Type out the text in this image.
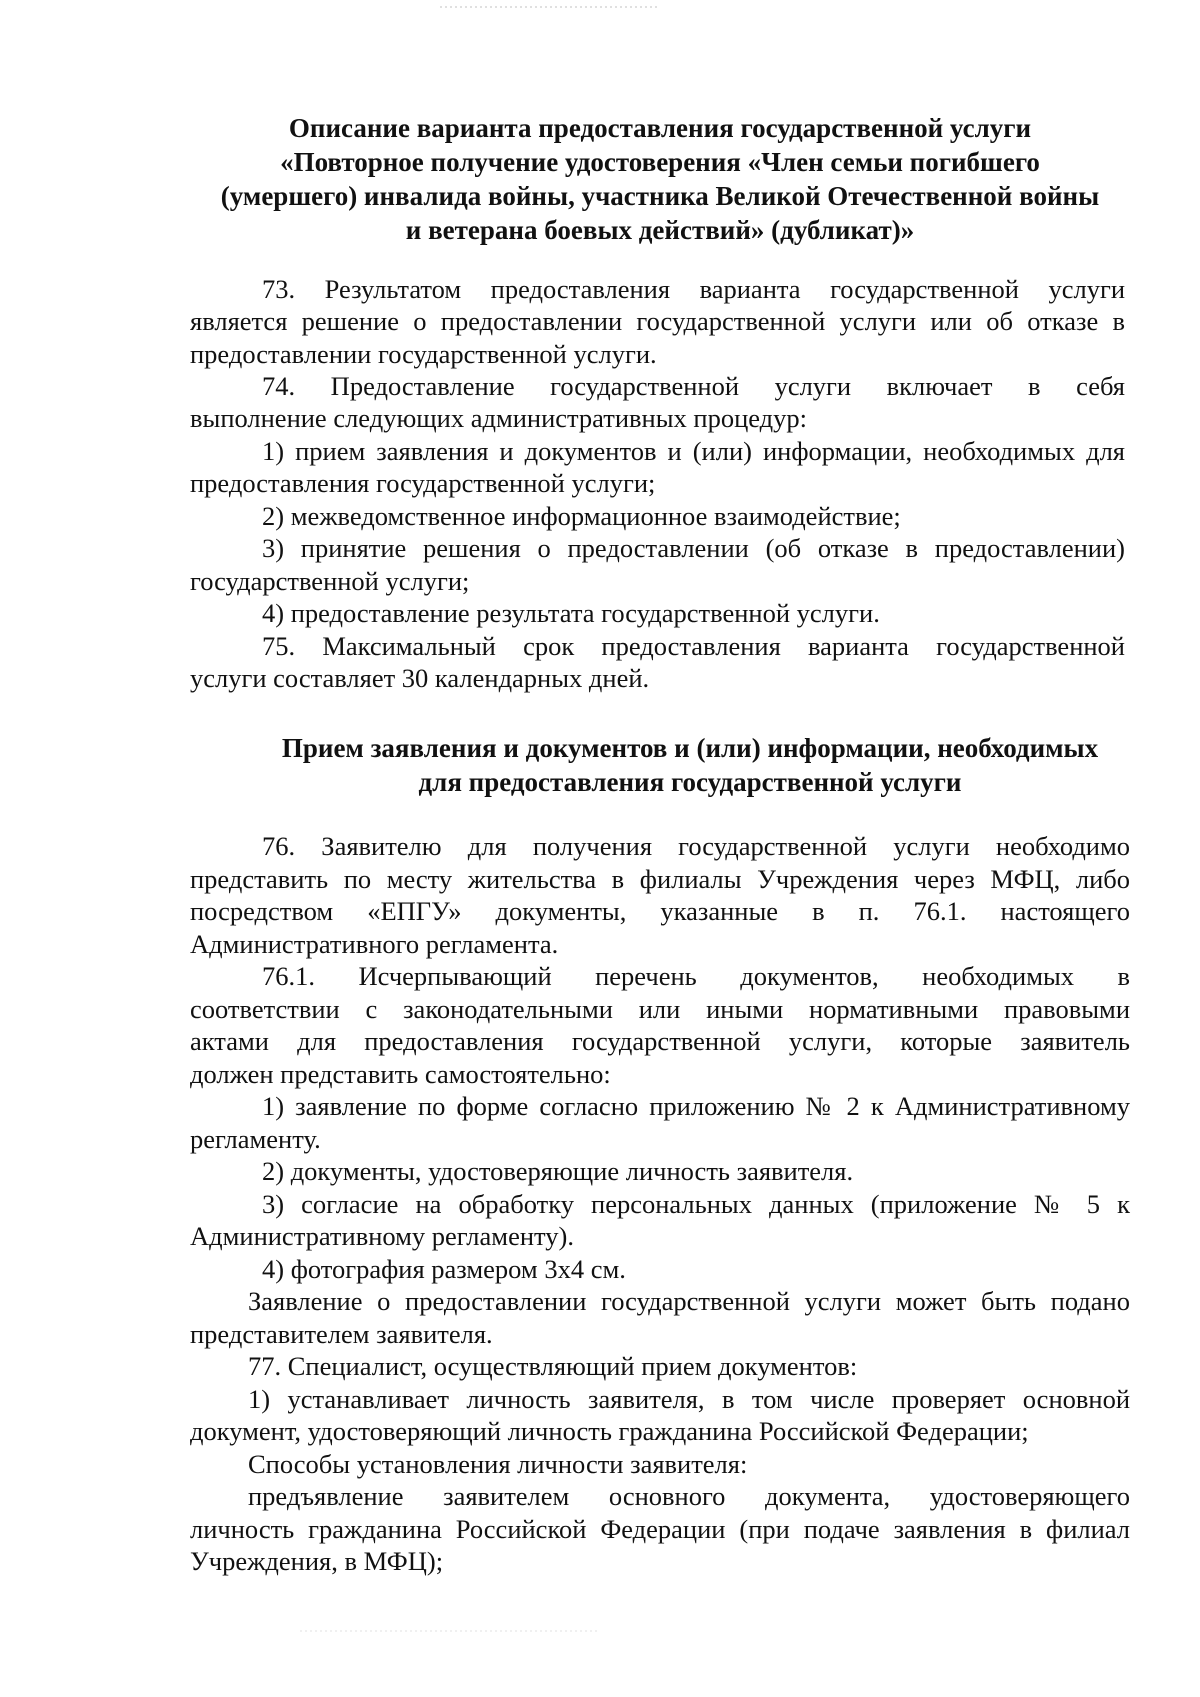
Описание варианта предоставления государственной услуги
«Повторное получение удостоверения «Член семьи погибшего
(умершего) инвалида войны, участника Великой Отечественной войны
и ветерана боевых действий» (дубликат)»
73. Результатом предоставления варианта государственной услуги
является решение о предоставлении государственной услуги или об отказе в
предоставлении государственной услуги.
74. Предоставление государственной услуги включает в себя
выполнение следующих административных процедур:
1) прием заявления и документов и (или) информации, необходимых для
предоставления государственной услуги;
2) межведомственное информационное взаимодействие;
3) принятие решения о предоставлении (об отказе в предоставлении)
государственной услуги;
4) предоставление результата государственной услуги.
75. Максимальный срок предоставления варианта государственной
услуги составляет 30 календарных дней.
Прием заявления и документов и (или) информации, необходимых
для предоставления государственной услуги
76. Заявителю для получения государственной услуги необходимо
представить по месту жительства в филиалы Учреждения через МФЦ, либо
посредством «ЕПГУ» документы, указанные в п. 76.1. настоящего
Административного регламента.
76.1. Исчерпывающий перечень документов, необходимых в
соответствии с законодательными или иными нормативными правовыми
актами для предоставления государственной услуги, которые заявитель
должен представить самостоятельно:
1) заявление по форме согласно приложению № 2 к Административному
регламенту.
2) документы, удостоверяющие личность заявителя.
3) согласие на обработку персональных данных (приложение № 5 к
Административному регламенту).
4) фотография размером 3х4 см.
Заявление о предоставлении государственной услуги может быть подано
представителем заявителя.
77. Специалист, осуществляющий прием документов:
1) устанавливает личность заявителя, в том числе проверяет основной
документ, удостоверяющий личность гражданина Российской Федерации;
Способы установления личности заявителя:
предъявление заявителем основного документа, удостоверяющего
личность гражданина Российской Федерации (при подаче заявления в филиал
Учреждения, в МФЦ);
